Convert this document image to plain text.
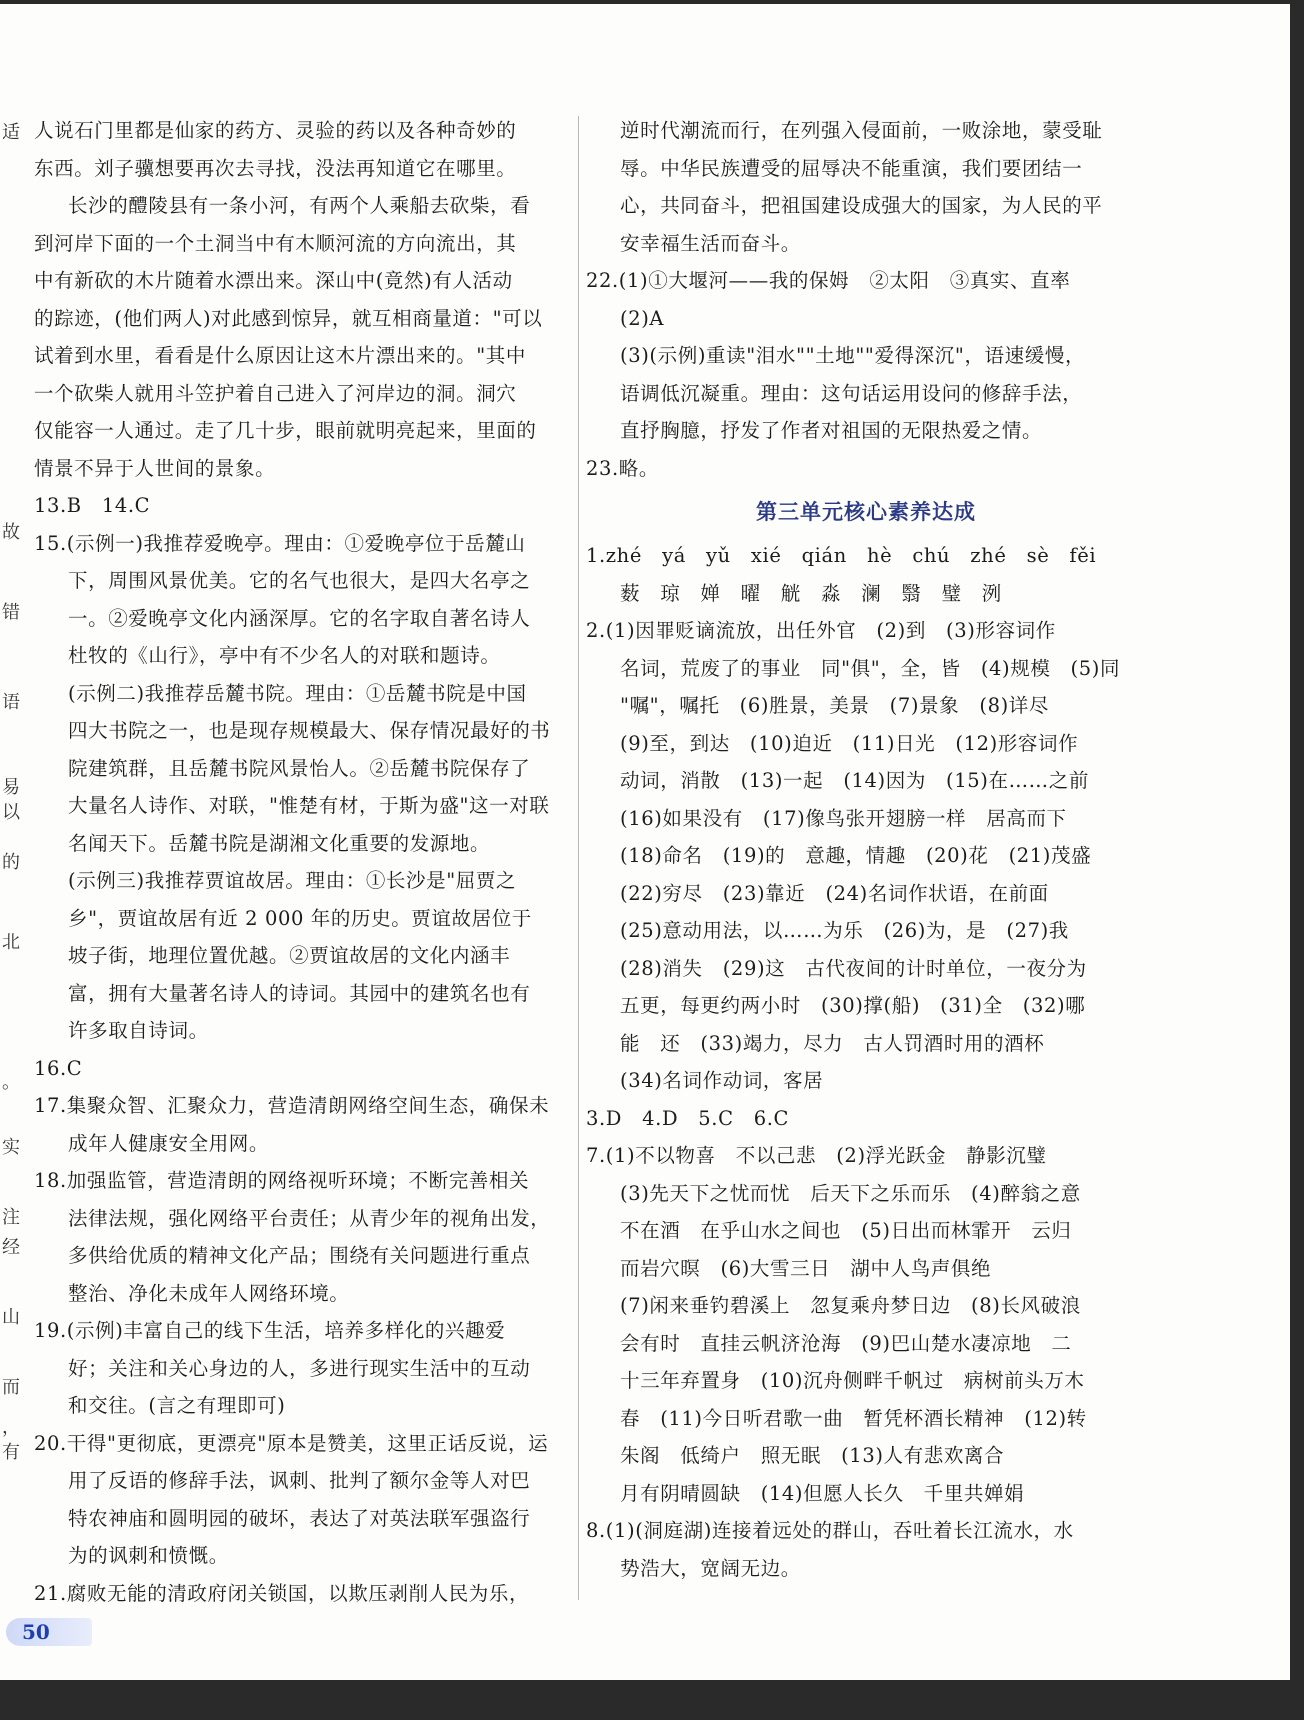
适
故
错
语
易
以
的
北
。
实
注
经
山
而
，
有
人说石门里都是仙家的药方、灵验的药以及各种奇妙的
东西。刘子骥想要再次去寻找，没法再知道它在哪里。
长沙的醴陵县有一条小河，有两个人乘船去砍柴，看
到河岸下面的一个土洞当中有木顺河流的方向流出，其
中有新砍的木片随着水漂出来。深山中(竟然)有人活动
的踪迹，(他们两人)对此感到惊异，就互相商量道："可以
试着到水里，看看是什么原因让这木片漂出来的。"其中
一个砍柴人就用斗笠护着自己进入了河岸边的洞。洞穴
仅能容一人通过。走了几十步，眼前就明亮起来，里面的
情景不异于人世间的景象。
13.B　14.C
15.(示例一)我推荐爱晚亭。理由：①爱晚亭位于岳麓山
下，周围风景优美。它的名气也很大，是四大名亭之
一。②爱晚亭文化内涵深厚。它的名字取自著名诗人
杜牧的《山行》，亭中有不少名人的对联和题诗。
(示例二)我推荐岳麓书院。理由：①岳麓书院是中国
四大书院之一，也是现存规模最大、保存情况最好的书
院建筑群，且岳麓书院风景怡人。②岳麓书院保存了
大量名人诗作、对联，"惟楚有材，于斯为盛"这一对联
名闻天下。岳麓书院是湖湘文化重要的发源地。
(示例三)我推荐贾谊故居。理由：①长沙是"屈贾之
乡"，贾谊故居有近 2 000 年的历史。贾谊故居位于
坡子街，地理位置优越。②贾谊故居的文化内涵丰
富，拥有大量著名诗人的诗词。其园中的建筑名也有
许多取自诗词。
16.C
17.集聚众智、汇聚众力，营造清朗网络空间生态，确保未
成年人健康安全用网。
18.加强监管，营造清朗的网络视听环境；不断完善相关
法律法规，强化网络平台责任；从青少年的视角出发，
多供给优质的精神文化产品；围绕有关问题进行重点
整治、净化未成年人网络环境。
19.(示例)丰富自己的线下生活，培养多样化的兴趣爱
好；关注和关心身边的人，多进行现实生活中的互动
和交往。(言之有理即可)
20.干得"更彻底，更漂亮"原本是赞美，这里正话反说，运
用了反语的修辞手法，讽刺、批判了额尔金等人对巴
特农神庙和圆明园的破坏，表达了对英法联军强盗行
为的讽刺和愤慨。
21.腐败无能的清政府闭关锁国，以欺压剥削人民为乐，
逆时代潮流而行，在列强入侵面前，一败涂地，蒙受耻
辱。中华民族遭受的屈辱决不能重演，我们要团结一
心，共同奋斗，把祖国建设成强大的国家，为人民的平
安幸福生活而奋斗。
22.(1)①大堰河——我的保姆　②太阳　③真实、直率
(2)A
(3)(示例)重读"泪水""土地""爱得深沉"，语速缓慢，
语调低沉凝重。理由：这句话运用设问的修辞手法，
直抒胸臆，抒发了作者对祖国的无限热爱之情。
23.略。
第三单元核心素养达成
1.zhé　yá　yǔ　xié　qián　hè　chú　zhé　sè　fěi
薮　琼　婵　曜　觥　淼　澜　翳　璧　洌
2.(1)因罪贬谪流放，出任外官　(2)到　(3)形容词作
名词，荒废了的事业　同"俱"，全，皆　(4)规模　(5)同
"嘱"，嘱托　(6)胜景，美景　(7)景象　(8)详尽
(9)至，到达　(10)迫近　(11)日光　(12)形容词作
动词，消散　(13)一起　(14)因为　(15)在……之前
(16)如果没有　(17)像鸟张开翅膀一样　居高而下
(18)命名　(19)的　意趣，情趣　(20)花　(21)茂盛
(22)穷尽　(23)靠近　(24)名词作状语，在前面
(25)意动用法，以……为乐　(26)为，是　(27)我
(28)消失　(29)这　古代夜间的计时单位，一夜分为
五更，每更约两小时　(30)撑(船)　(31)全　(32)哪
能　还　(33)竭力，尽力　古人罚酒时用的酒杯
(34)名词作动词，客居
3.D　4.D　5.C　6.C
7.(1)不以物喜　不以己悲　(2)浮光跃金　静影沉璧
(3)先天下之忧而忧　后天下之乐而乐　(4)醉翁之意
不在酒　在乎山水之间也　(5)日出而林霏开　云归
而岩穴暝　(6)大雪三日　湖中人鸟声俱绝
(7)闲来垂钓碧溪上　忽复乘舟梦日边　(8)长风破浪
会有时　直挂云帆济沧海　(9)巴山楚水凄凉地　二
十三年弃置身　(10)沉舟侧畔千帆过　病树前头万木
春　(11)今日听君歌一曲　暂凭杯酒长精神　(12)转
朱阁　低绮户　照无眠　(13)人有悲欢离合
月有阴晴圆缺　(14)但愿人长久　千里共婵娟
8.(1)(洞庭湖)连接着远处的群山，吞吐着长江流水，水
势浩大，宽阔无边。
50
